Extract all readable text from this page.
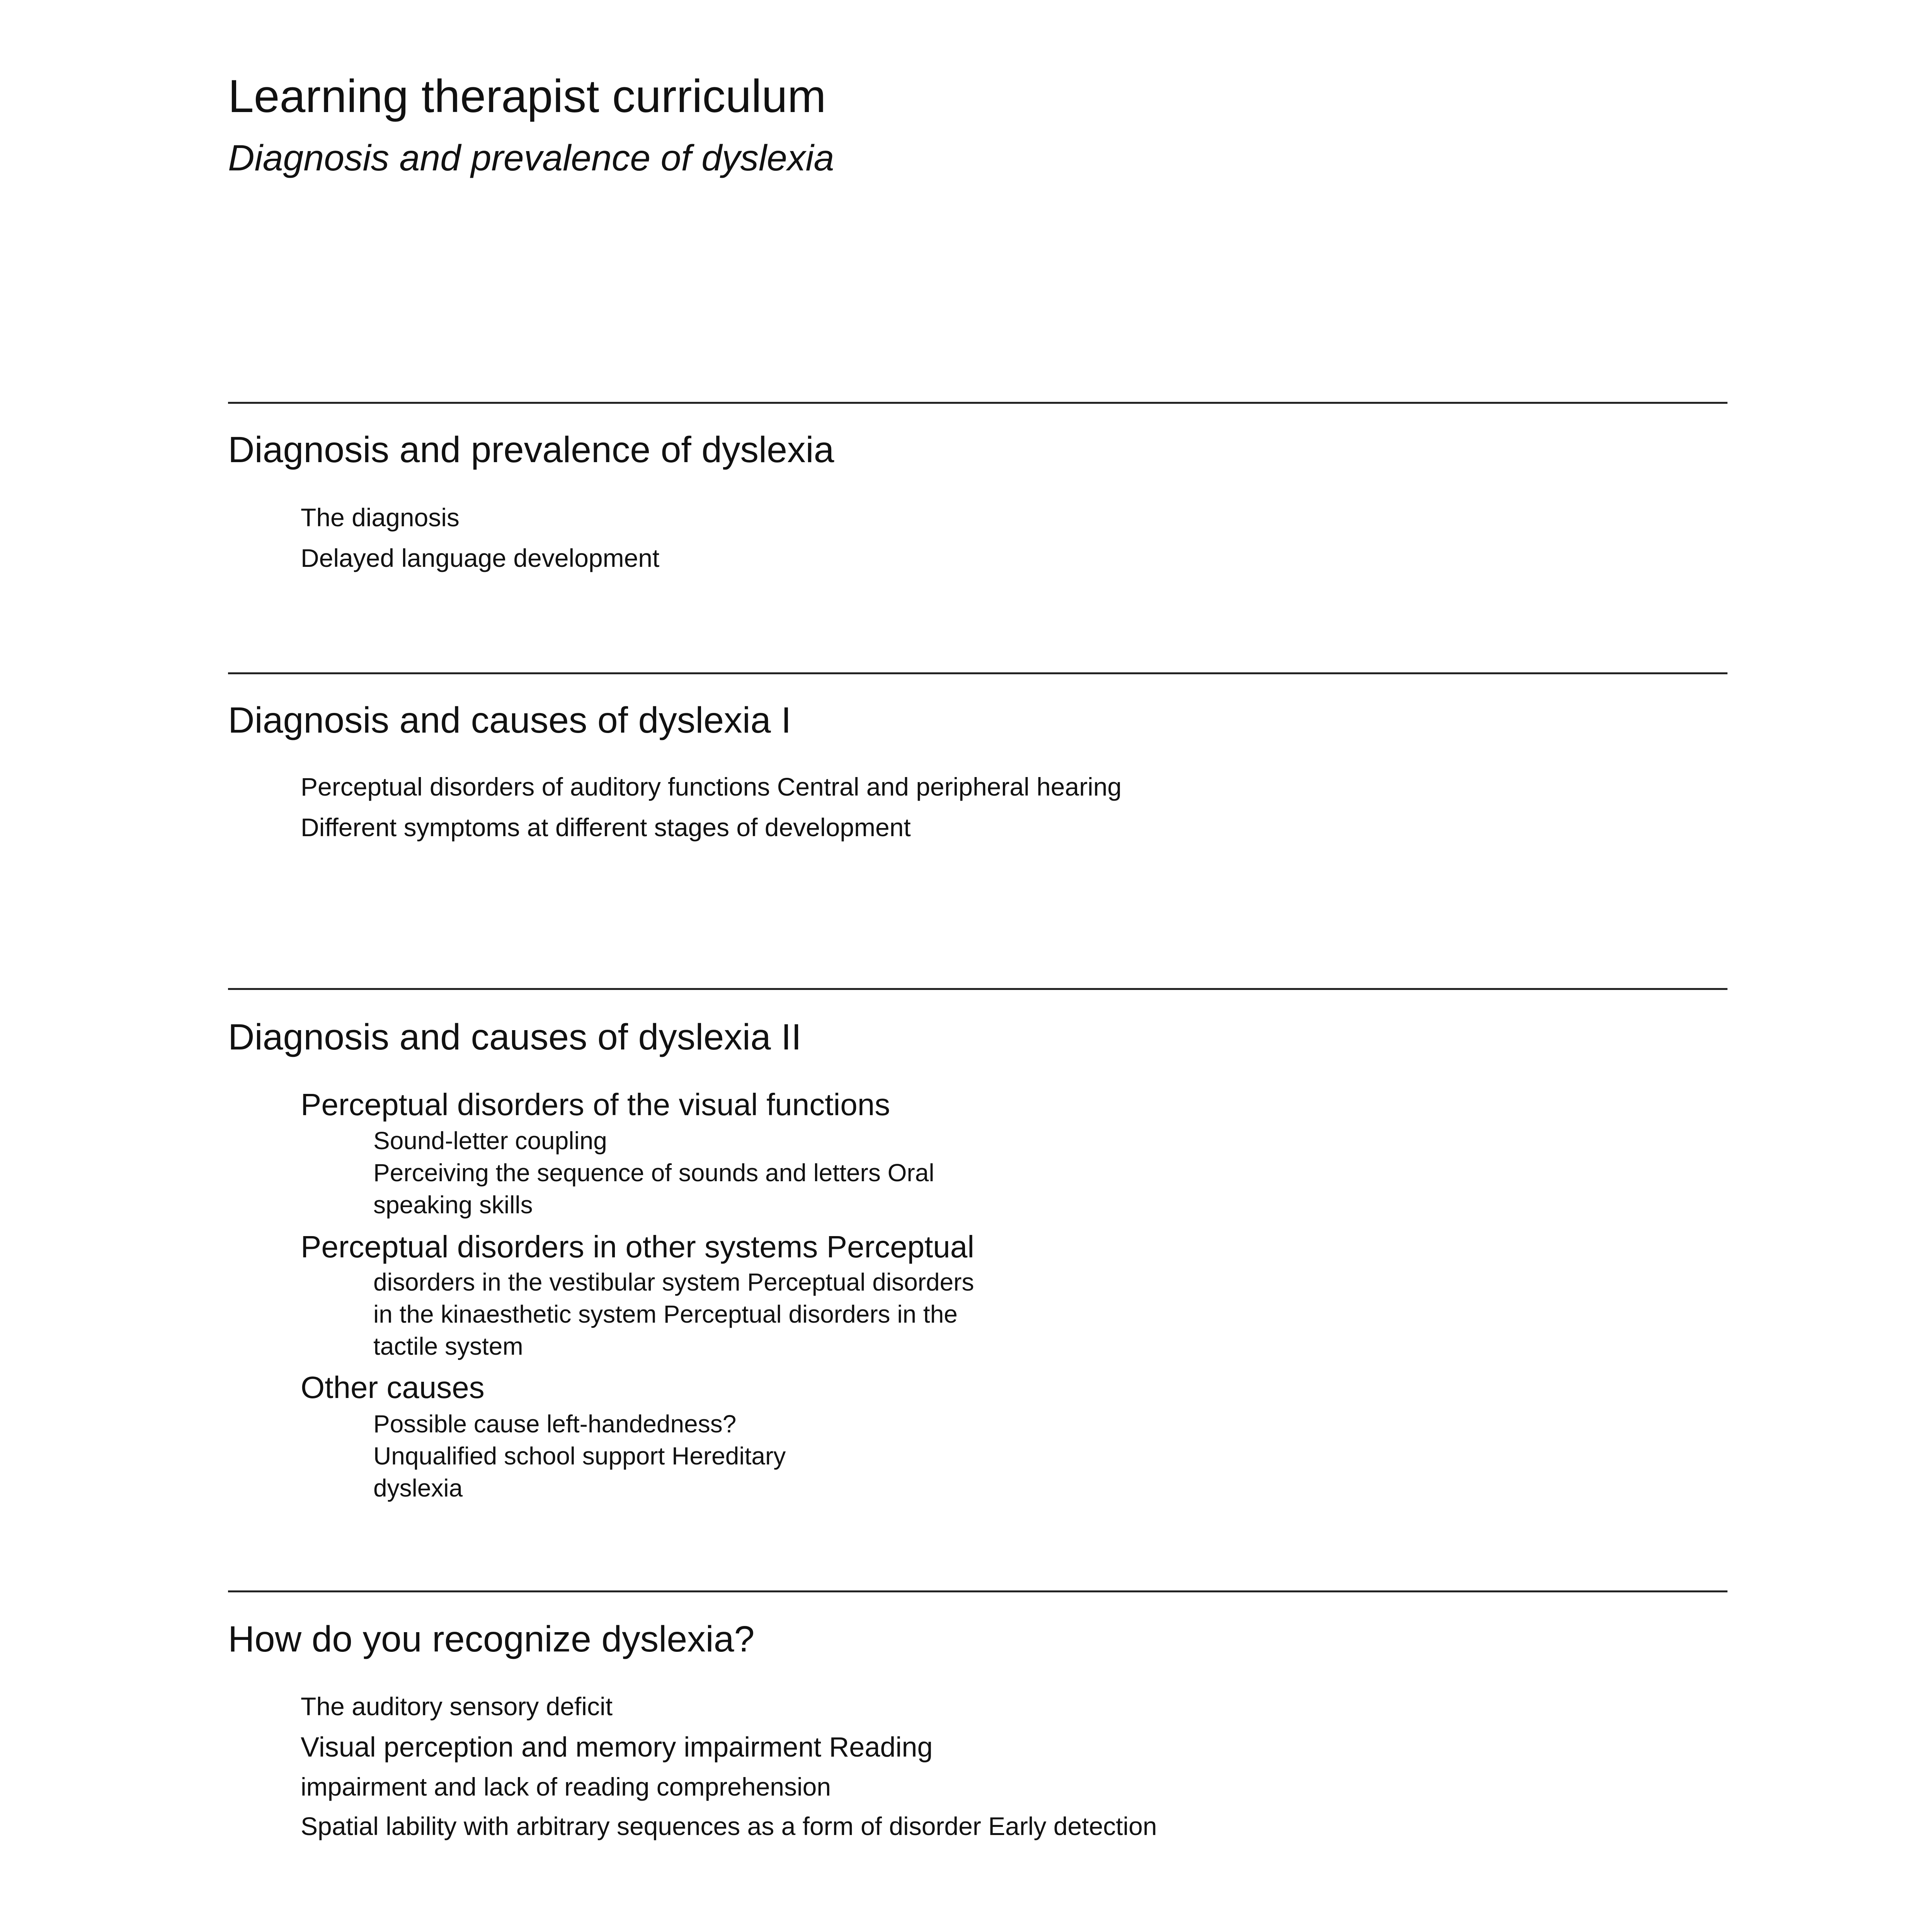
Learning therapist curriculum
Diagnosis and prevalence of dyslexia
Diagnosis and prevalence of dyslexia
The diagnosis
Delayed language development
Diagnosis and causes of dyslexia I
Perceptual disorders of auditory functions Central and peripheral hearing
Different symptoms at different stages of development
Diagnosis and causes of dyslexia II
Perceptual disorders of the visual functions
Sound-letter coupling
Perceiving the sequence of sounds and letters Oral
speaking skills
Perceptual disorders in other systems Perceptual
disorders in the vestibular system Perceptual disorders
in the kinaesthetic system Perceptual disorders in the
tactile system
Other causes
Possible cause left-handedness?
Unqualified school support Hereditary
dyslexia
How do you recognize dyslexia?
The auditory sensory deficit
Visual perception and memory impairment Reading
impairment and lack of reading comprehension
Spatial lability with arbitrary sequences as a form of disorder Early detection
